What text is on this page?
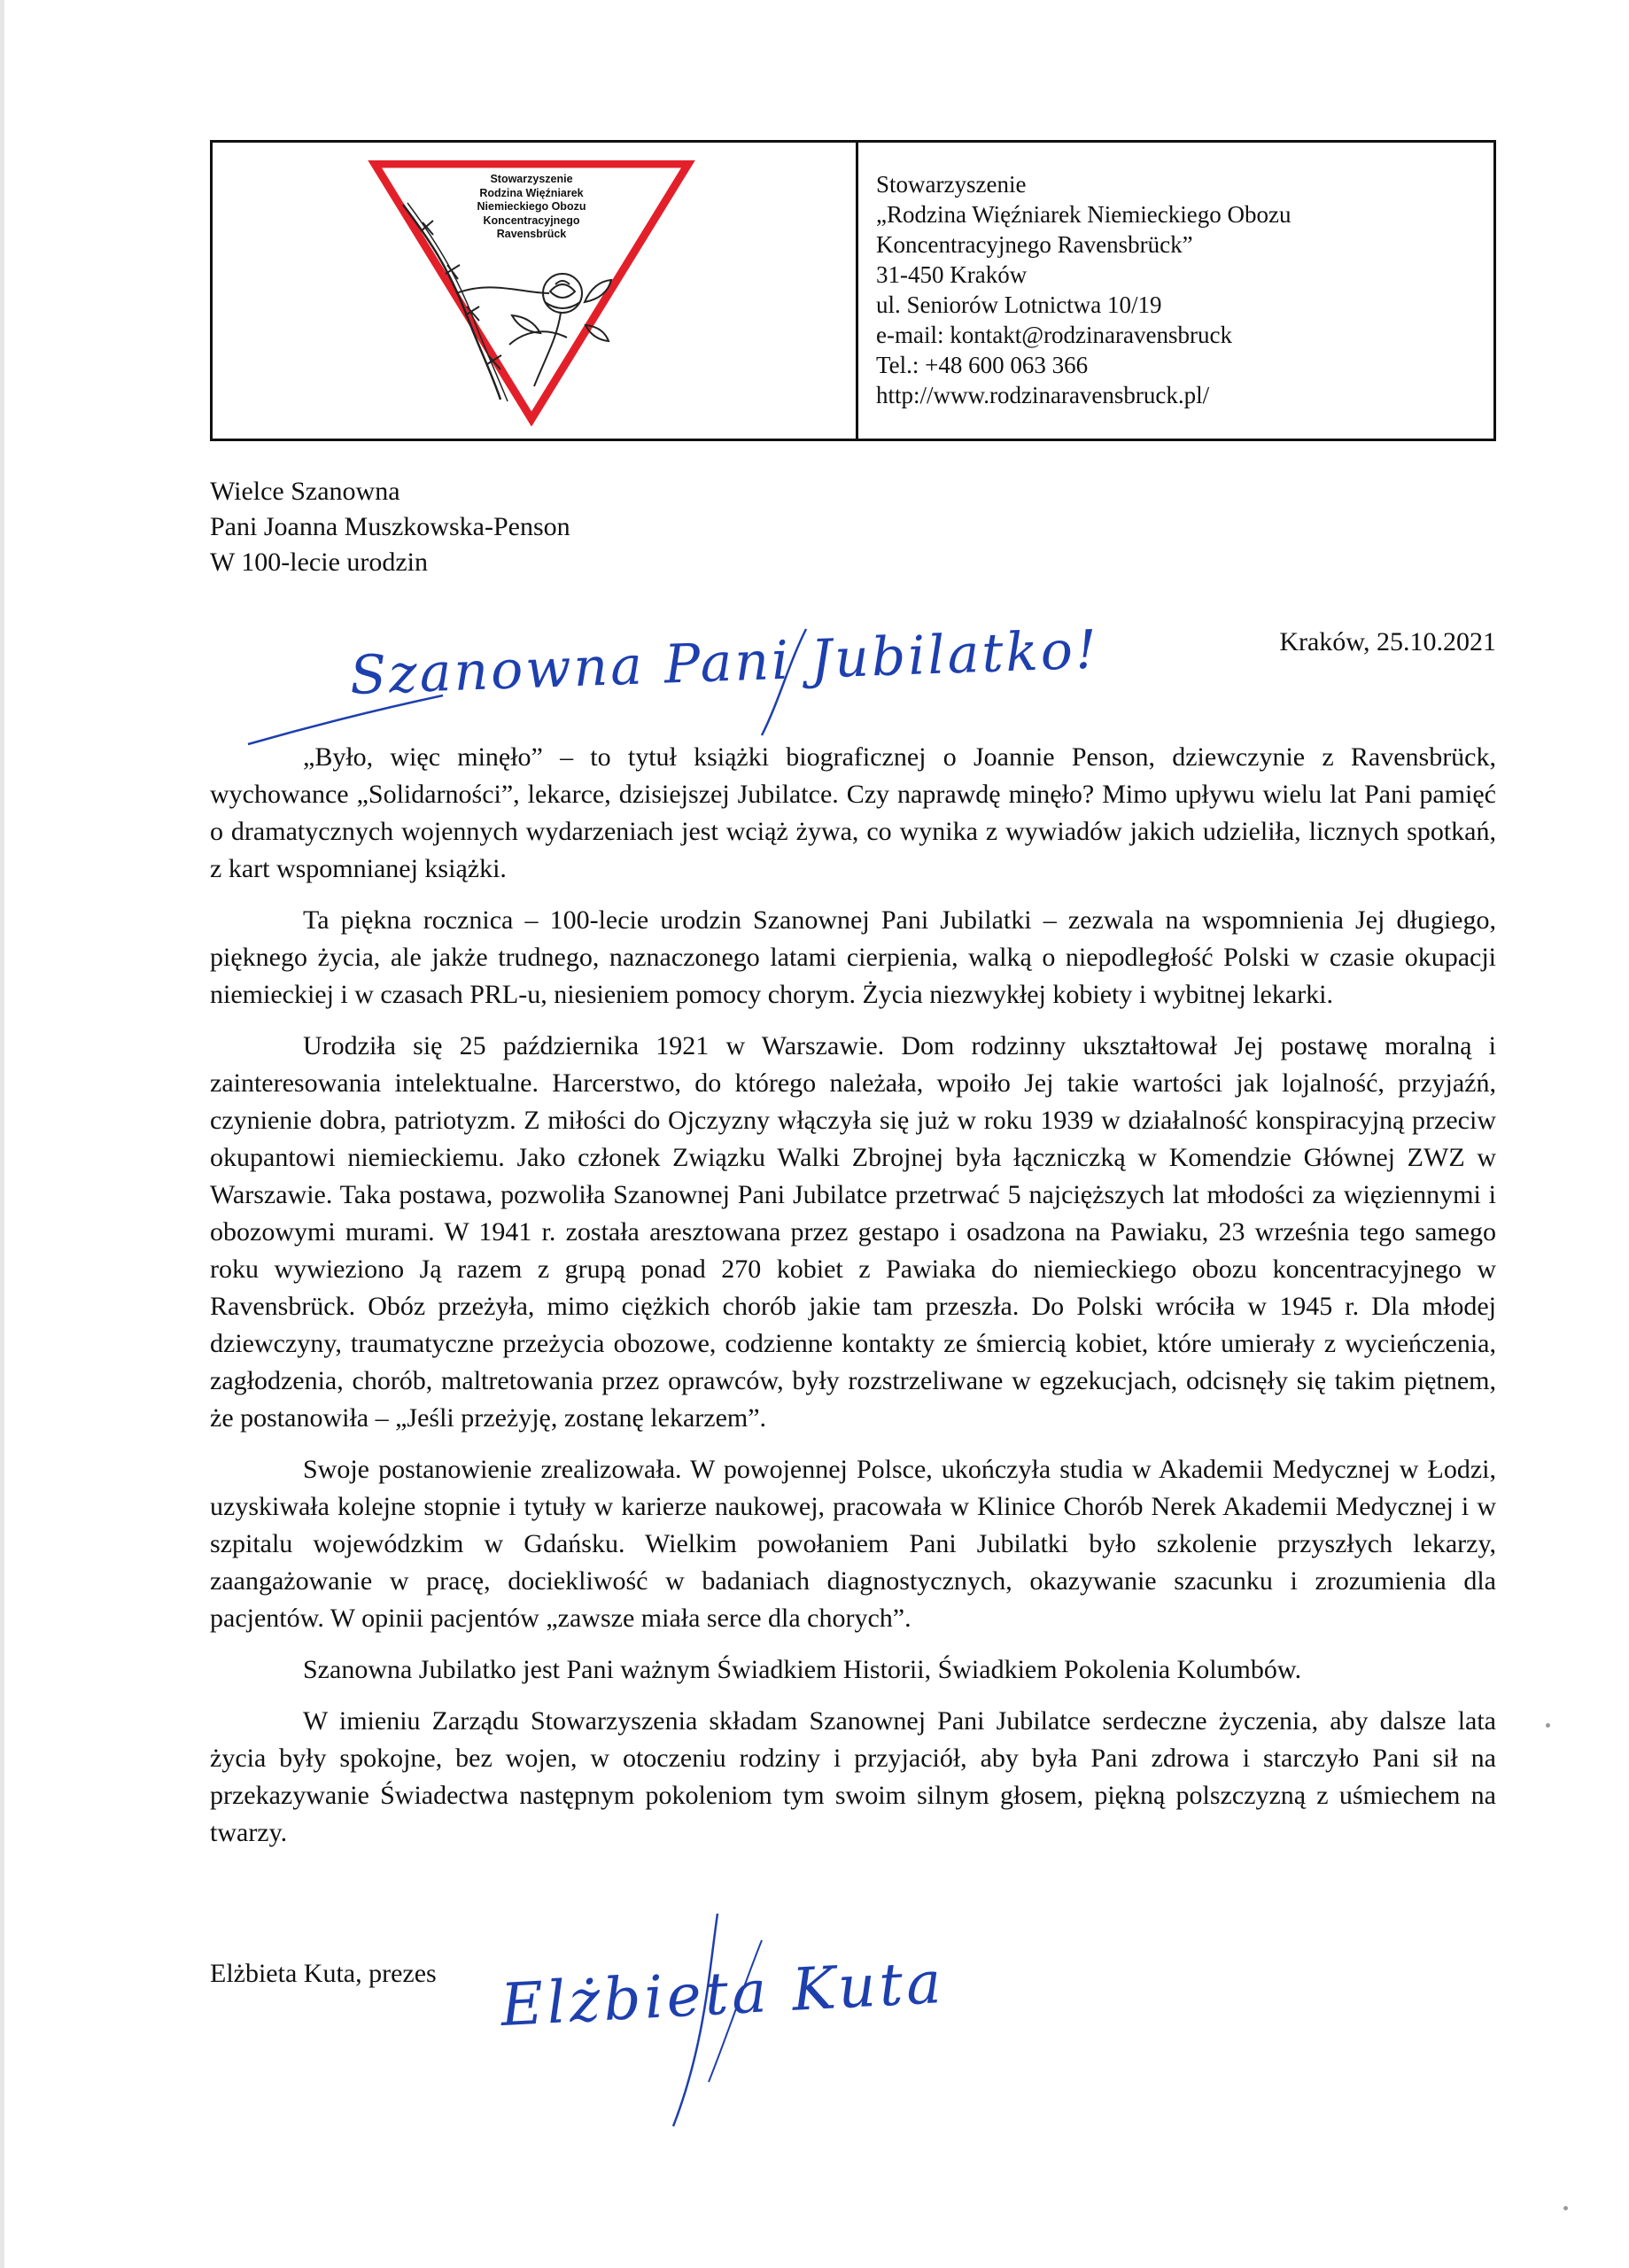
Stowarzyszenie
Rodzina Więźniarek
Niemieckiego Obozu
Koncentracyjnego
Ravensbrück
Stowarzyszenie
„Rodzina Więźniarek Niemieckiego Obozu
Koncentracyjnego Ravensbrück”
31-450 Kraków
ul. Seniorów Lotnictwa 10/19
e-mail: kontakt@rodzinaravensbruck
Tel.: +48 600 063 366
http://www.rodzinaravensbruck.pl/
Wielce Szanowna
Pani Joanna Muszkowska-Penson
W 100-lecie urodzin
Kraków, 25.10.2021
Szanowna Pani Jubilatko!

„Było, więc minęło” – to tytuł książki biograficznej o Joannie Penson, dziewczynie z Ravensbrück, wychowance „Solidarności”, lekarce, dzisiejszej Jubilatce. Czy naprawdę minęło? Mimo upływu wielu lat Pani pamięć o dramatycznych wojennych wydarzeniach jest wciąż żywa, co wynika z wywiadów jakich udzieliła, licznych spotkań, z kart wspomnianej książki.

Ta piękna rocznica – 100-lecie urodzin Szanownej Pani Jubilatki – zezwala na wspomnienia Jej długiego, pięknego życia, ale jakże trudnego, naznaczonego latami cierpienia, walką o niepodległość Polski w czasie okupacji niemieckiej i w czasach PRL-u, niesieniem pomocy chorym. Życia niezwykłej kobiety i wybitnej lekarki.

Urodziła się 25 października 1921 w Warszawie. Dom rodzinny ukształtował Jej postawę moralną i zainteresowania intelektualne. Harcerstwo, do którego należała, wpoiło Jej takie wartości jak lojalność, przyjaźń, czynienie dobra, patriotyzm. Z miłości do Ojczyzny włączyła się już w roku 1939 w działalność konspiracyjną przeciw okupantowi niemieckiemu. Jako członek Związku Walki Zbrojnej była łączniczką w Komendzie Głównej ZWZ w Warszawie. Taka postawa, pozwoliła Szanownej Pani Jubilatce przetrwać 5 najcięższych lat młodości za więziennymi i obozowymi murami. W 1941 r. została aresztowana przez gestapo i osadzona na Pawiaku, 23 września tego samego roku wywieziono Ją razem z grupą ponad 270 kobiet z Pawiaka do niemieckiego obozu koncentracyjnego w Ravensbrück. Obóz przeżyła, mimo ciężkich chorób jakie tam przeszła. Do Polski wróciła w 1945 r. Dla młodej dziewczyny, traumatyczne przeżycia obozowe, codzienne kontakty ze śmiercią kobiet, które umierały z wycieńczenia, zagłodzenia, chorób, maltretowania przez oprawców, były rozstrzeliwane w egzekucjach, odcisnęły się takim piętnem, że postanowiła – „Jeśli przeżyję, zostanę lekarzem”.

Swoje postanowienie zrealizowała. W powojennej Polsce, ukończyła studia w Akademii Medycznej w Łodzi, uzyskiwała kolejne stopnie i tytuły w karierze naukowej, pracowała w Klinice Chorób Nerek Akademii Medycznej i w szpitalu wojewódzkim w Gdańsku. Wielkim powołaniem Pani Jubilatki było szkolenie przyszłych lekarzy, zaangażowanie w pracę, dociekliwość w badaniach diagnostycznych, okazywanie szacunku i zrozumienia dla pacjentów. W opinii pacjentów „zawsze miała serce dla chorych”.

Szanowna Jubilatko jest Pani ważnym Świadkiem Historii, Świadkiem Pokolenia Kolumbów.

W imieniu Zarządu Stowarzyszenia składam Szanownej Pani Jubilatce serdeczne życzenia, aby dalsze lata życia były spokojne, bez wojen, w otoczeniu rodziny i przyjaciół, aby była Pani zdrowa i starczyło Pani sił na przekazywanie Świadectwa następnym pokoleniom tym swoim silnym głosem, piękną polszczyzną z uśmiechem na twarzy.

Elżbieta Kuta, prezes Elżbieta Kuta
